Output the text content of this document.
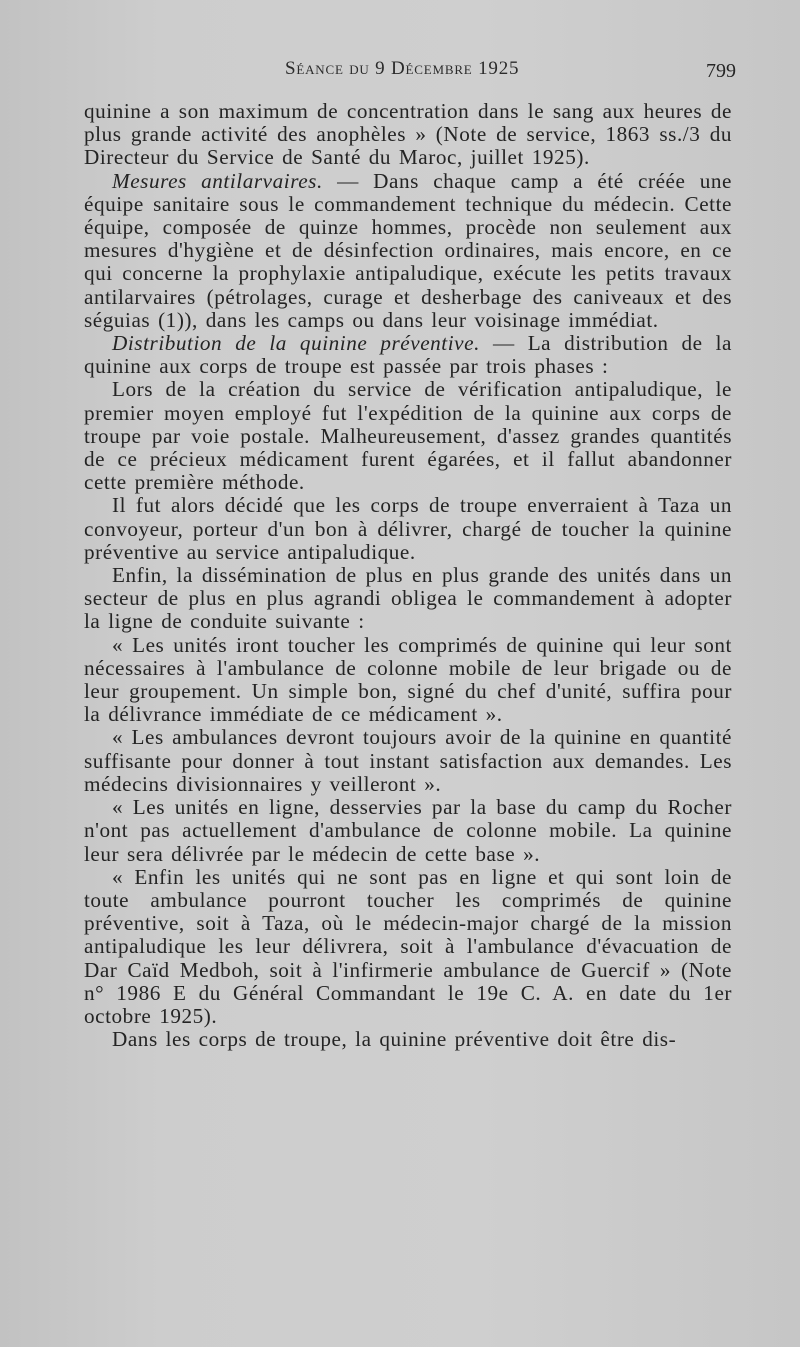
Séance du 9 Décembre 1925	799

quinine a son maximum de concentration dans le sang aux heures de plus grande activité des anophèles » (Note de service, 1863 ss./3 du Directeur du Service de Santé du Maroc, juillet 1925).

Mesures antilarvaires. — Dans chaque camp a été créée une équipe sanitaire sous le commandement technique du médecin. Cette équipe, composée de quinze hommes, procède non seulement aux mesures d'hygiène et de désinfection ordinaires, mais encore, en ce qui concerne la prophylaxie antipaludique, exécute les petits travaux antilarvaires (pétrolages, curage et desherbage des caniveaux et des séguias (1)), dans les camps ou dans leur voisinage immédiat.

Distribution de la quinine préventive. — La distribution de la quinine aux corps de troupe est passée par trois phases :

Lors de la création du service de vérification antipaludique, le premier moyen employé fut l'expédition de la quinine aux corps de troupe par voie postale. Malheureusement, d'assez grandes quantités de ce précieux médicament furent égarées, et il fallut abandonner cette première méthode.

Il fut alors décidé que les corps de troupe enverraient à Taza un convoyeur, porteur d'un bon à délivrer, chargé de toucher la quinine préventive au service antipaludique.

Enfin, la dissémination de plus en plus grande des unités dans un secteur de plus en plus agrandi obligea le commandement à adopter la ligne de conduite suivante :

« Les unités iront toucher les comprimés de quinine qui leur sont nécessaires à l'ambulance de colonne mobile de leur brigade ou de leur groupement. Un simple bon, signé du chef d'unité, suffira pour la délivrance immédiate de ce médicament ».

« Les ambulances devront toujours avoir de la quinine en quantité suffisante pour donner à tout instant satisfaction aux demandes. Les médecins divisionnaires y veilleront ».

« Les unités en ligne, desservies par la base du camp du Rocher n'ont pas actuellement d'ambulance de colonne mobile. La quinine leur sera délivrée par le médecin de cette base ».

« Enfin les unités qui ne sont pas en ligne et qui sont loin de toute ambulance pourront toucher les comprimés de quinine préventive, soit à Taza, où le médecin-major chargé de la mission antipaludique les leur délivrera, soit à l'ambulance d'évacuation de Dar Caïd Medboh, soit à l'infirmerie ambulance de Guercif » (Note n° 1986 E du Général Commandant le 19e C. A. en date du 1er octobre 1925).

Dans les corps de troupe, la quinine préventive doit être dis-
